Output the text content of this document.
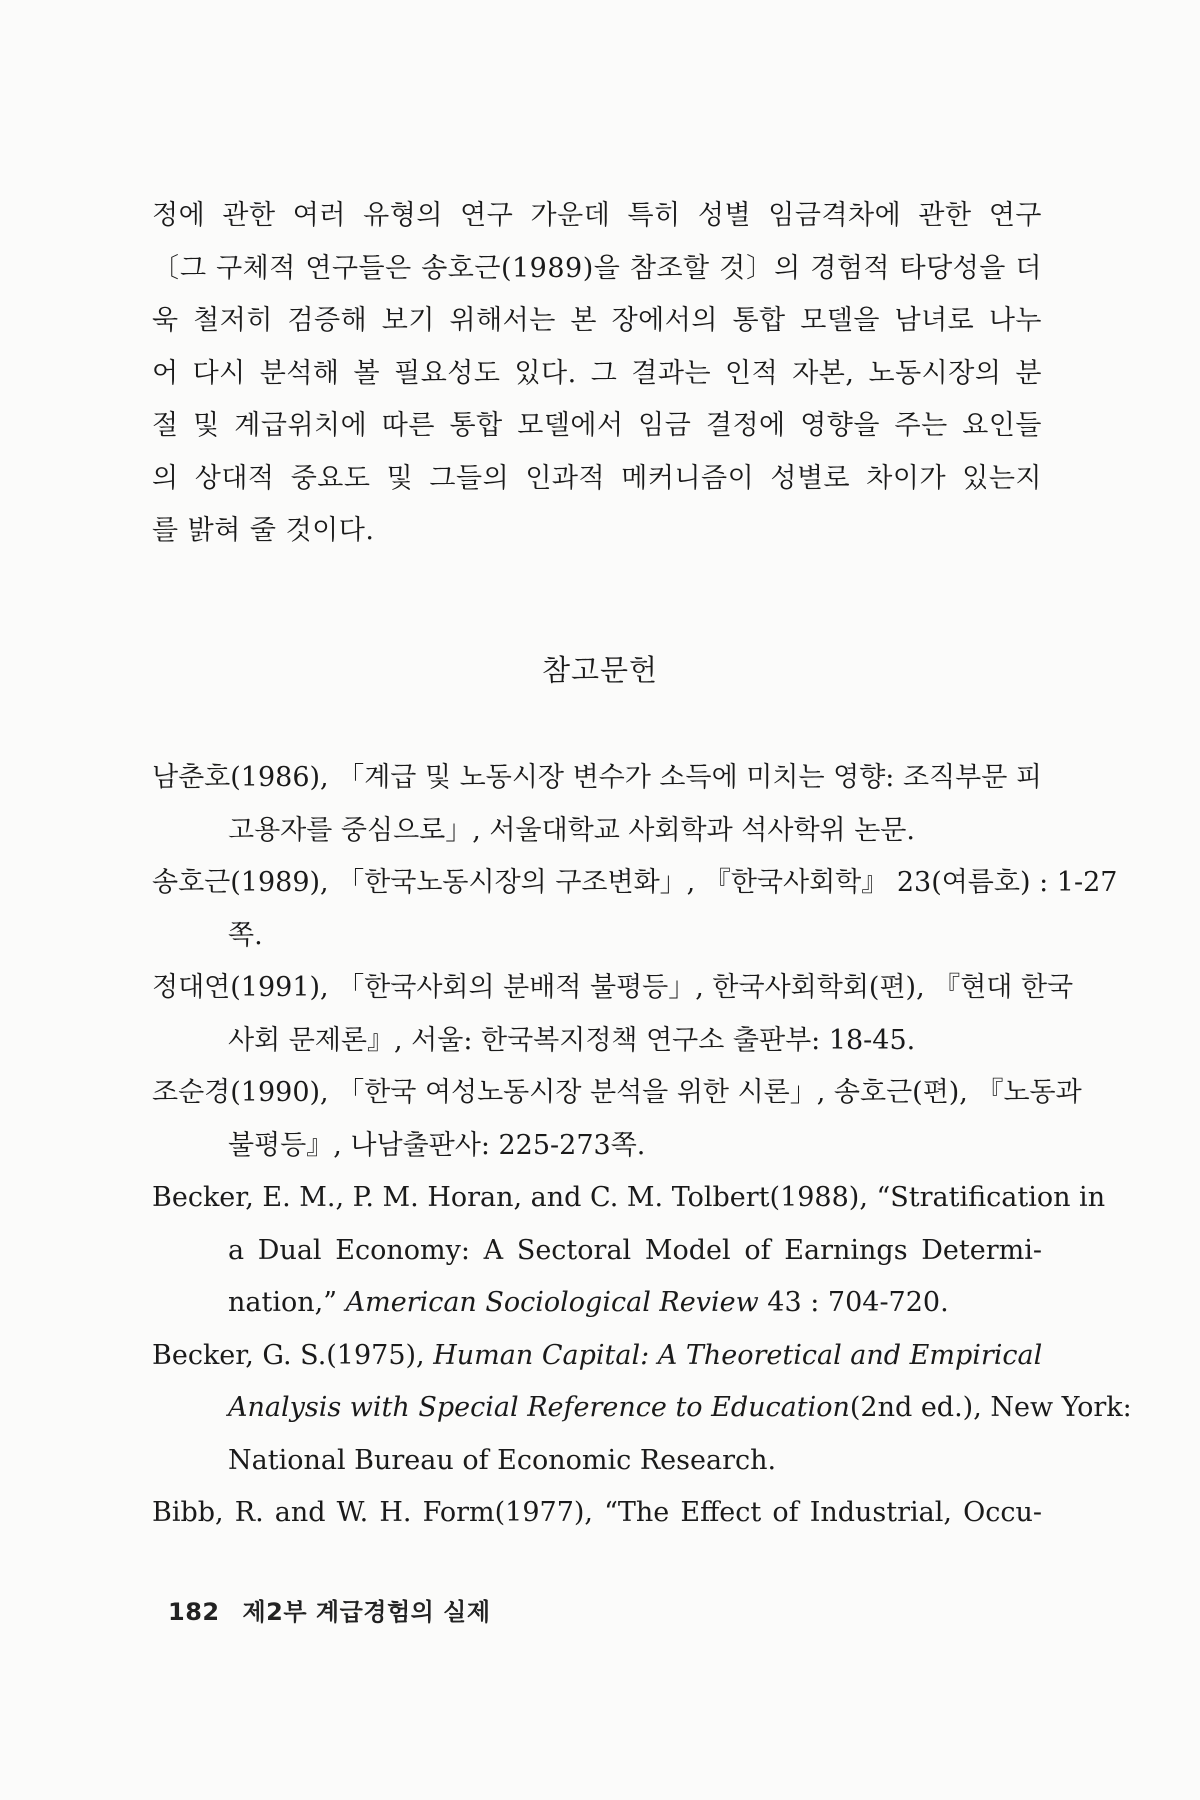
정에 관한 여러 유형의 연구 가운데 특히 성별 임금격차에 관한 연구
〔그 구체적 연구들은 송호근(1989)을 참조할 것〕의 경험적 타당성을 더
욱 철저히 검증해 보기 위해서는 본 장에서의 통합 모델을 남녀로 나누
어 다시 분석해 볼 필요성도 있다. 그 결과는 인적 자본, 노동시장의 분
절 및 계급위치에 따른 통합 모델에서 임금 결정에 영향을 주는 요인들
의 상대적 중요도 및 그들의 인과적 메커니즘이 성별로 차이가 있는지
를 밝혀 줄 것이다.
참고문헌
남춘호(1986), 「계급 및 노동시장 변수가 소득에 미치는 영향: 조직부문 피
고용자를 중심으로」, 서울대학교 사회학과 석사학위 논문.
송호근(1989), 「한국노동시장의 구조변화」, 『한국사회학』 23(여름호) : 1-27
쪽.
정대연(1991), 「한국사회의 분배적 불평등」, 한국사회학회(편), 『현대 한국
사회 문제론』, 서울: 한국복지정책 연구소 출판부: 18-45.
조순경(1990), 「한국 여성노동시장 분석을 위한 시론」, 송호근(편), 『노동과
불평등』, 나남출판사: 225-273쪽.
Becker, E. M., P. M. Horan, and C. M. Tolbert(1988), “Stratification in
a Dual Economy: A Sectoral Model of Earnings Determi-
nation,” American Sociological Review 43 : 704-720.
Becker, G. S.(1975), Human Capital: A Theoretical and Empirical
Analysis with Special Reference to Education(2nd ed.), New York:
National Bureau of Economic Research.
Bibb, R. and W. H. Form(1977), “The Effect of Industrial, Occu-
182 제2부 계급경험의 실제
